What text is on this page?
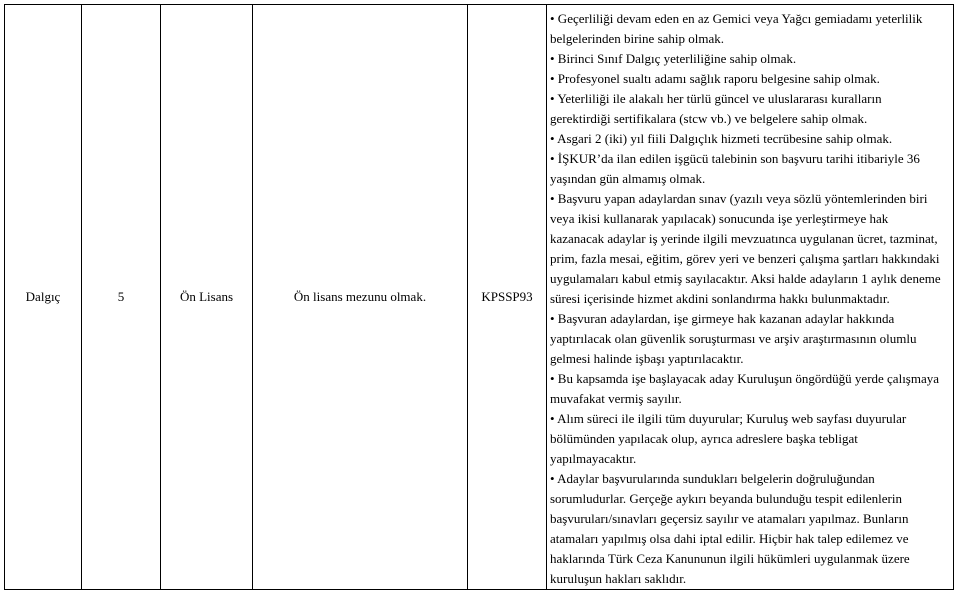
Dalgıç	5	Ön Lisans	Ön lisans mezunu olmak.	KPSSP93	
• Geçerliliği devam eden en az Gemici veya Yağcı gemiadamı yeterlilik
belgelerinden birine sahip olmak.
• Birinci Sınıf Dalgıç yeterliliğine sahip olmak.
• Profesyonel sualtı adamı sağlık raporu belgesine sahip olmak.
• Yeterliliği ile alakalı her türlü güncel ve uluslararası kuralların
gerektirdiği sertifikalara (stcw vb.) ve belgelere sahip olmak.
• Asgari 2 (iki) yıl fiili Dalgıçlık hizmeti tecrübesine sahip olmak.
• İŞKUR’da ilan edilen işgücü talebinin son başvuru tarihi itibariyle 36
yaşından gün almamış olmak.
• Başvuru yapan adaylardan sınav (yazılı veya sözlü yöntemlerinden biri
veya ikisi kullanarak yapılacak) sonucunda işe yerleştirmeye hak
kazanacak adaylar iş yerinde ilgili mevzuatınca uygulanan ücret, tazminat,
prim, fazla mesai, eğitim, görev yeri ve benzeri çalışma şartları hakkındaki
uygulamaları kabul etmiş sayılacaktır. Aksi halde adayların 1 aylık deneme
süresi içerisinde hizmet akdini sonlandırma hakkı bulunmaktadır.
• Başvuran adaylardan, işe girmeye hak kazanan adaylar hakkında
yaptırılacak olan güvenlik soruşturması ve arşiv araştırmasının olumlu
gelmesi halinde işbaşı yaptırılacaktır.
• Bu kapsamda işe başlayacak aday Kuruluşun öngördüğü yerde çalışmaya
muvafakat vermiş sayılır.
• Alım süreci ile ilgili tüm duyurular; Kuruluş web sayfası duyurular
bölümünden yapılacak olup, ayrıca adreslere başka tebligat
yapılmayacaktır.
• Adaylar başvurularında sundukları belgelerin doğruluğundan
sorumludurlar. Gerçeğe aykırı beyanda bulunduğu tespit edilenlerin
başvuruları/sınavları geçersiz sayılır ve atamaları yapılmaz. Bunların
atamaları yapılmış olsa dahi iptal edilir. Hiçbir hak talep edilemez ve
haklarında Türk Ceza Kanununun ilgili hükümleri uygulanmak üzere
kuruluşun hakları saklıdır.
